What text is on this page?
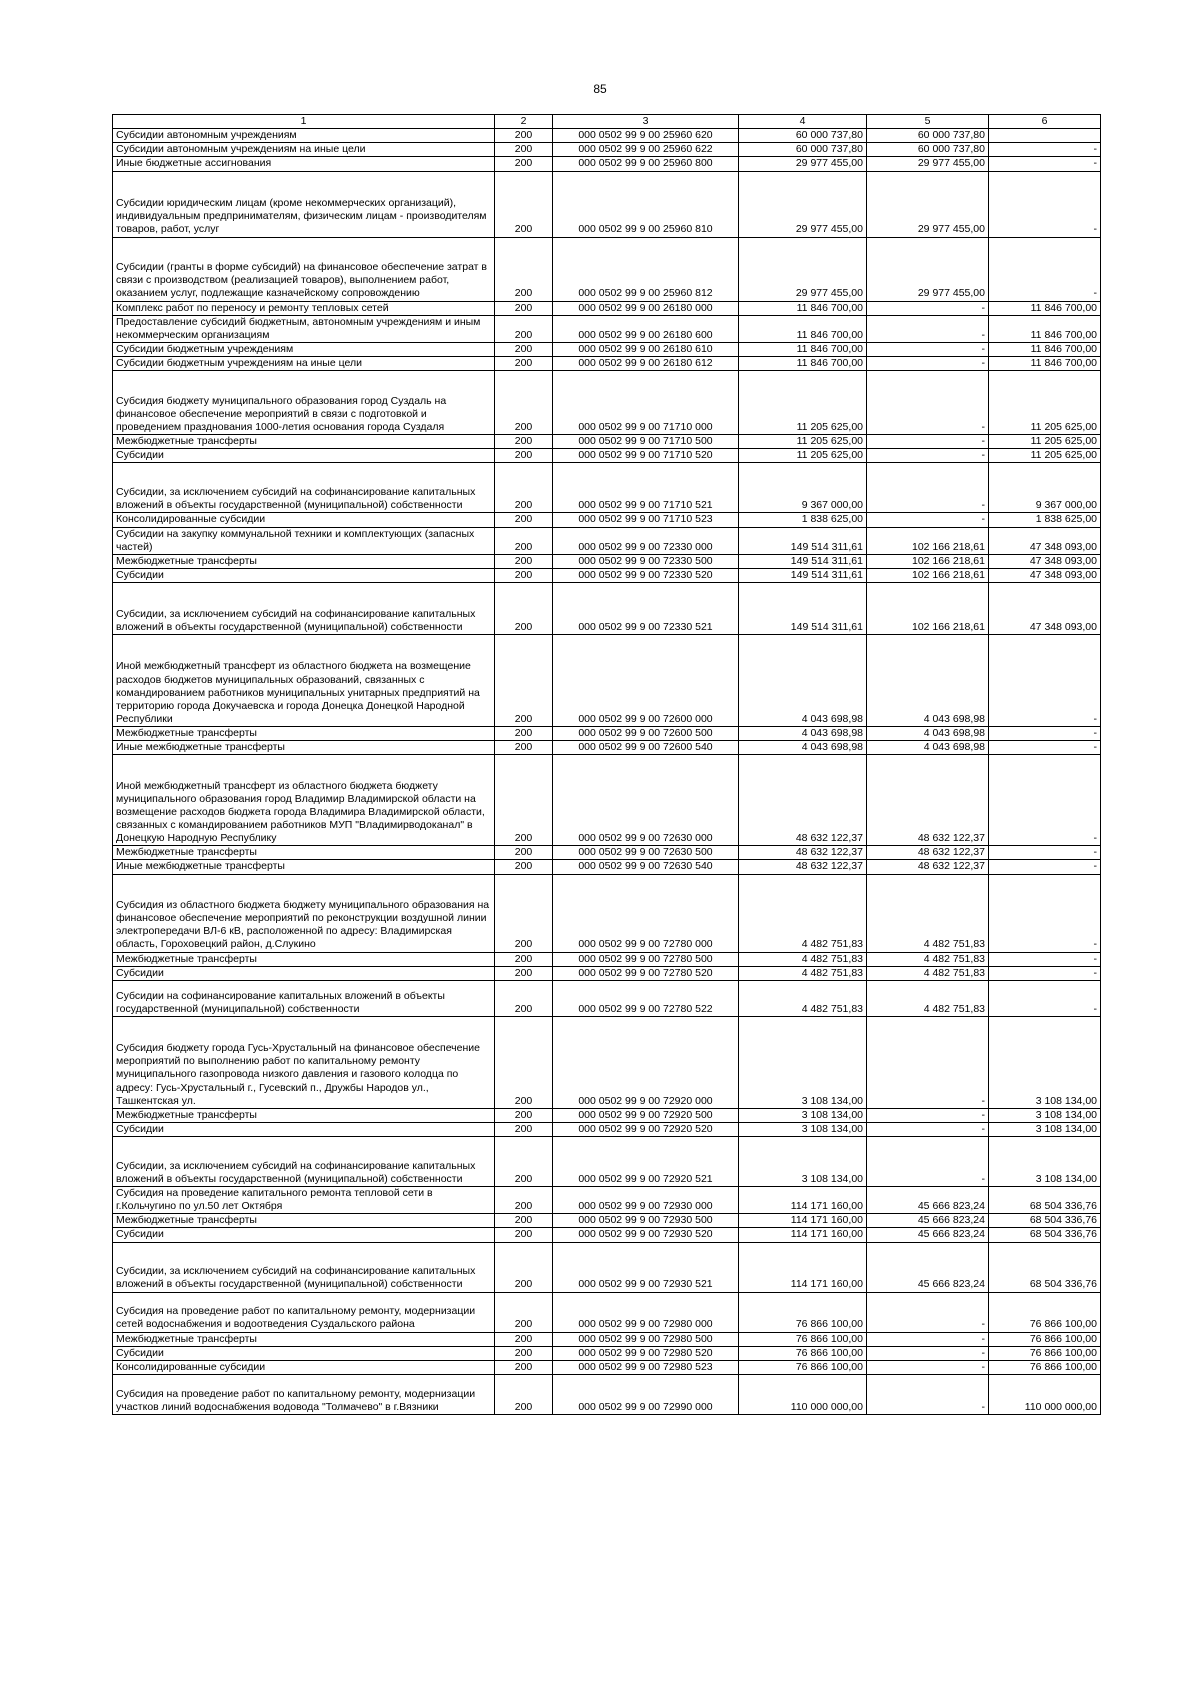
85
1	2	3	4	5	6
Субсидии автономным учреждениям	200	000 0502 99 9 00 25960 620	60 000 737,80	60 000 737,80	
Субсидии автономным учреждениям на иные цели	200	000 0502 99 9 00 25960 622	60 000 737,80	60 000 737,80	-
Иные бюджетные ассигнования	200	000 0502 99 9 00 25960 800	29 977 455,00	29 977 455,00	-
Субсидии юридическим лицам (кроме некоммерческих организаций), индивидуальным предпринимателям, физическим лицам - производителям товаров, работ, услуг	200	000 0502 99 9 00 25960 810	29 977 455,00	29 977 455,00	-
Субсидии (гранты в форме субсидий) на финансовое обеспечение затрат в связи с производством (реализацией товаров), выполнением работ, оказанием услуг, подлежащие казначейскому сопровождению	200	000 0502 99 9 00 25960 812	29 977 455,00	29 977 455,00	-
Комплекс работ по переносу и ремонту тепловых сетей	200	000 0502 99 9 00 26180 000	11 846 700,00	-	11 846 700,00
Предоставление субсидий бюджетным, автономным учреждениям и иным некоммерческим организациям	200	000 0502 99 9 00 26180 600	11 846 700,00	-	11 846 700,00
Субсидии бюджетным учреждениям	200	000 0502 99 9 00 26180 610	11 846 700,00	-	11 846 700,00
Субсидии бюджетным учреждениям на иные цели	200	000 0502 99 9 00 26180 612	11 846 700,00	-	11 846 700,00
Субсидия бюджету муниципального образования город Суздаль на финансовое обеспечение мероприятий в связи с подготовкой и проведением празднования 1000-летия основания города Суздаля	200	000 0502 99 9 00 71710 000	11 205 625,00	-	11 205 625,00
Межбюджетные трансферты	200	000 0502 99 9 00 71710 500	11 205 625,00	-	11 205 625,00
Субсидии	200	000 0502 99 9 00 71710 520	11 205 625,00	-	11 205 625,00
Субсидии, за исключением субсидий на софинансирование капитальных вложений в объекты государственной (муниципальной) собственности	200	000 0502 99 9 00 71710 521	9 367 000,00	-	9 367 000,00
Консолидированные субсидии	200	000 0502 99 9 00 71710 523	1 838 625,00	-	1 838 625,00
Субсидии на закупку коммунальной техники и комплектующих (запасных частей)	200	000 0502 99 9 00 72330 000	149 514 311,61	102 166 218,61	47 348 093,00
Межбюджетные трансферты	200	000 0502 99 9 00 72330 500	149 514 311,61	102 166 218,61	47 348 093,00
Субсидии	200	000 0502 99 9 00 72330 520	149 514 311,61	102 166 218,61	47 348 093,00
Субсидии, за исключением субсидий на софинансирование капитальных вложений в объекты государственной (муниципальной) собственности	200	000 0502 99 9 00 72330 521	149 514 311,61	102 166 218,61	47 348 093,00
Иной межбюджетный трансферт из областного бюджета на возмещение расходов бюджетов муниципальных образований, связанных с командированием работников муниципальных унитарных предприятий на территорию города Докучаевска и города Донецка Донецкой Народной Республики	200	000 0502 99 9 00 72600 000	4 043 698,98	4 043 698,98	-
Межбюджетные трансферты	200	000 0502 99 9 00 72600 500	4 043 698,98	4 043 698,98	-
Иные межбюджетные трансферты	200	000 0502 99 9 00 72600 540	4 043 698,98	4 043 698,98	-
Иной межбюджетный трансферт из областного бюджета бюджету муниципального образования город Владимир Владимирской области на возмещение расходов бюджета города Владимира Владимирской области, связанных с командированием работников МУП "Владимирводоканал" в Донецкую Народную Республику	200	000 0502 99 9 00 72630 000	48 632 122,37	48 632 122,37	-
Межбюджетные трансферты	200	000 0502 99 9 00 72630 500	48 632 122,37	48 632 122,37	-
Иные межбюджетные трансферты	200	000 0502 99 9 00 72630 540	48 632 122,37	48 632 122,37	-
Субсидия из областного бюджета бюджету муниципального образования на финансовое обеспечение мероприятий по реконструкции воздушной линии электропередачи ВЛ-6 кВ, расположенной по адресу: Владимирская область, Гороховецкий район, д.Слукино	200	000 0502 99 9 00 72780 000	4 482 751,83	4 482 751,83	-
Межбюджетные трансферты	200	000 0502 99 9 00 72780 500	4 482 751,83	4 482 751,83	-
Субсидии	200	000 0502 99 9 00 72780 520	4 482 751,83	4 482 751,83	-
Субсидии на софинансирование капитальных вложений в объекты государственной (муниципальной) собственности	200	000 0502 99 9 00 72780 522	4 482 751,83	4 482 751,83	-
Субсидия бюджету города Гусь-Хрустальный на финансовое обеспечение мероприятий по выполнению работ по капитальному ремонту муниципального газопровода низкого давления и газового колодца по адресу: Гусь-Хрустальный г., Гусевский п., Дружбы Народов ул., Ташкентская ул.	200	000 0502 99 9 00 72920 000	3 108 134,00	-	3 108 134,00
Межбюджетные трансферты	200	000 0502 99 9 00 72920 500	3 108 134,00	-	3 108 134,00
Субсидии	200	000 0502 99 9 00 72920 520	3 108 134,00	-	3 108 134,00
Субсидии, за исключением субсидий на софинансирование капитальных вложений в объекты государственной (муниципальной) собственности	200	000 0502 99 9 00 72920 521	3 108 134,00	-	3 108 134,00
Субсидия на проведение капитального ремонта тепловой сети в г.Кольчугино по ул.50 лет Октября	200	000 0502 99 9 00 72930 000	114 171 160,00	45 666 823,24	68 504 336,76
Межбюджетные трансферты	200	000 0502 99 9 00 72930 500	114 171 160,00	45 666 823,24	68 504 336,76
Субсидии	200	000 0502 99 9 00 72930 520	114 171 160,00	45 666 823,24	68 504 336,76
Субсидии, за исключением субсидий на софинансирование капитальных вложений в объекты государственной (муниципальной) собственности	200	000 0502 99 9 00 72930 521	114 171 160,00	45 666 823,24	68 504 336,76
Субсидия на проведение работ по капитальному ремонту, модернизации сетей водоснабжения и водоотведения Суздальского района	200	000 0502 99 9 00 72980 000	76 866 100,00	-	76 866 100,00
Межбюджетные трансферты	200	000 0502 99 9 00 72980 500	76 866 100,00	-	76 866 100,00
Субсидии	200	000 0502 99 9 00 72980 520	76 866 100,00	-	76 866 100,00
Консолидированные субсидии	200	000 0502 99 9 00 72980 523	76 866 100,00	-	76 866 100,00
Субсидия на проведение работ по капитальному ремонту, модернизации участков линий водоснабжения водовода "Толмачево" в г.Вязники	200	000 0502 99 9 00 72990 000	110 000 000,00	-	110 000 000,00
